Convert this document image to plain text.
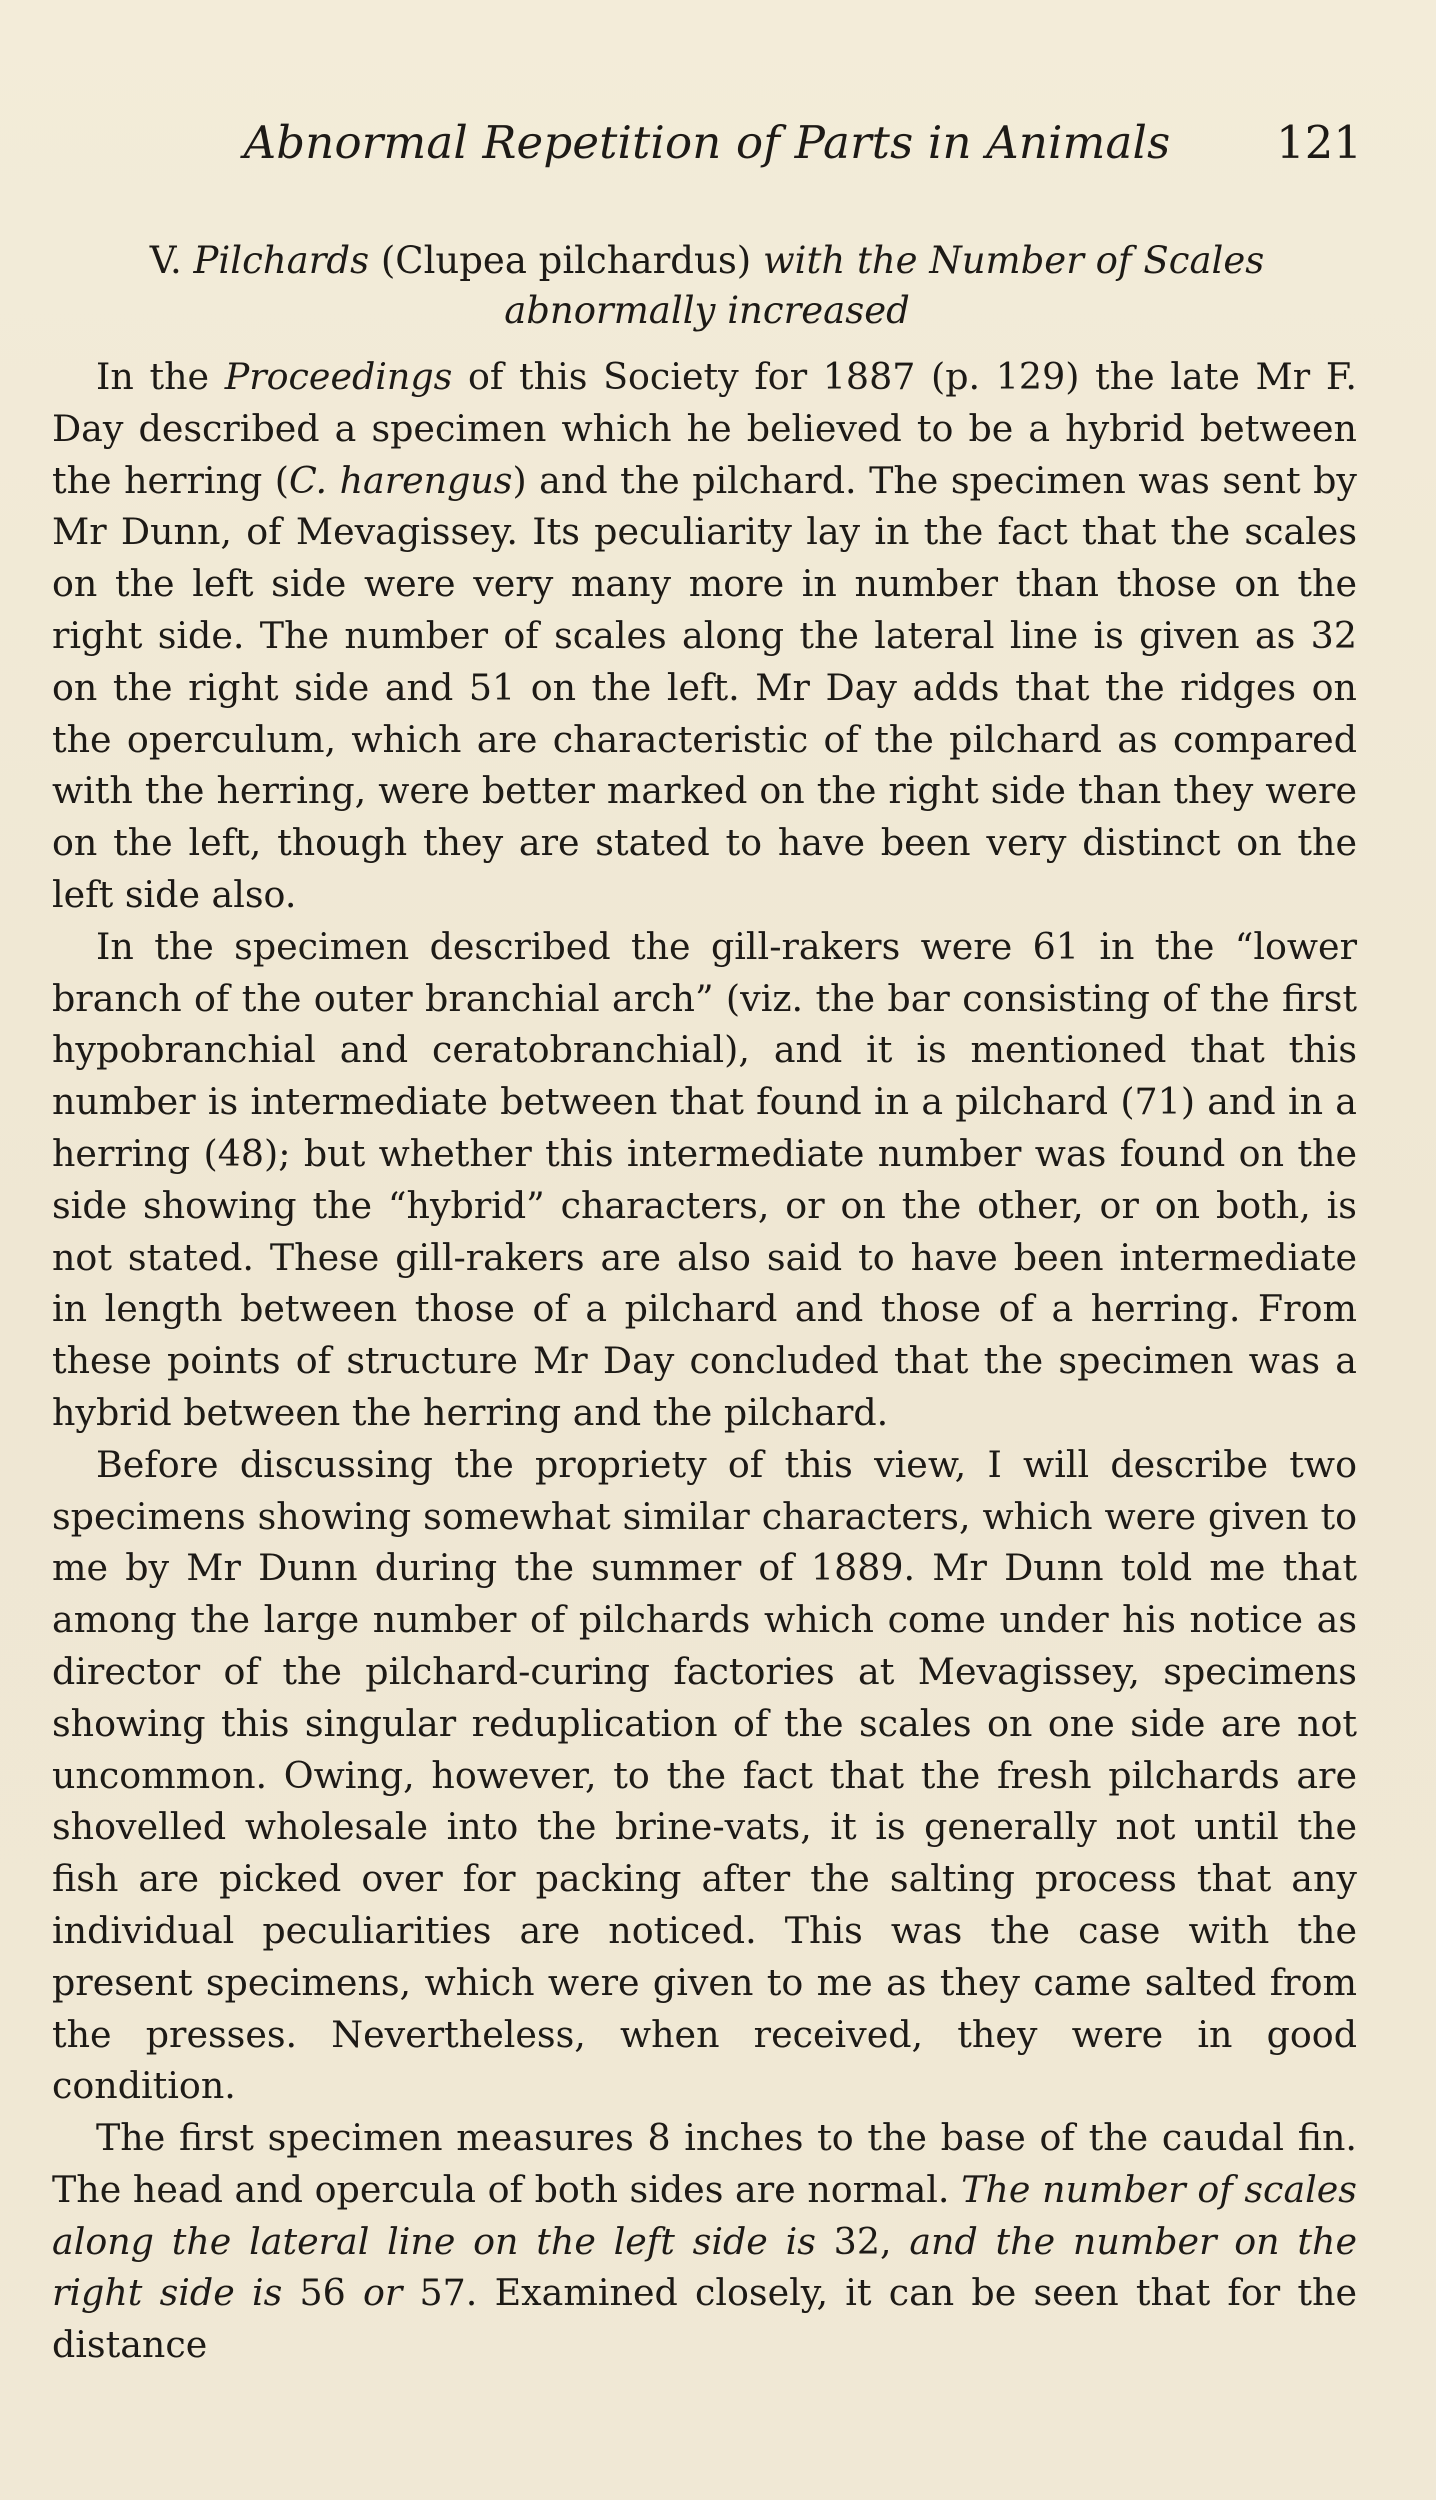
Abnormal Repetition of Parts in Animals	121
V. Pilchards (Clupea pilchardus) with the Number of Scales
abnormally increased

In the Proceedings of this Society for 1887 (p. 129) the late Mr F. Day described a specimen which he believed to be a hybrid between the herring (C. harengus) and the pilchard. The specimen was sent by Mr Dunn, of Mevagissey. Its peculiarity lay in the fact that the scales on the left side were very many more in number than those on the right side. The number of scales along the lateral line is given as 32 on the right side and 51 on the left. Mr Day adds that the ridges on the operculum, which are characteristic of the pilchard as compared with the herring, were better marked on the right side than they were on the left, though they are stated to have been very distinct on the left side also.

In the specimen described the gill-rakers were 61 in the “lower branch of the outer branchial arch” (viz. the bar consisting of the first hypobranchial and ceratobranchial), and it is mentioned that this number is intermediate between that found in a pilchard (71) and in a herring (48); but whether this intermediate number was found on the side showing the “hybrid” characters, or on the other, or on both, is not stated. These gill-rakers are also said to have been intermediate in length between those of a pilchard and those of a herring. From these points of structure Mr Day concluded that the specimen was a hybrid between the herring and the pilchard.

Before discussing the propriety of this view, I will describe two specimens showing somewhat similar characters, which were given to me by Mr Dunn during the summer of 1889. Mr Dunn told me that among the large number of pilchards which come under his notice as director of the pilchard-curing factories at Mevagissey, specimens showing this singular reduplication of the scales on one side are not uncommon. Owing, however, to the fact that the fresh pilchards are shovelled wholesale into the brine-vats, it is generally not until the fish are picked over for packing after the salting process that any individual peculiarities are noticed. This was the case with the present specimens, which were given to me as they came salted from the presses. Nevertheless, when received, they were in good condition.

The first specimen measures 8 inches to the base of the caudal fin. The head and opercula of both sides are normal. The number of scales along the lateral line on the left side is 32, and the number on the right side is 56 or 57. Examined closely, it can be seen that for the distance
